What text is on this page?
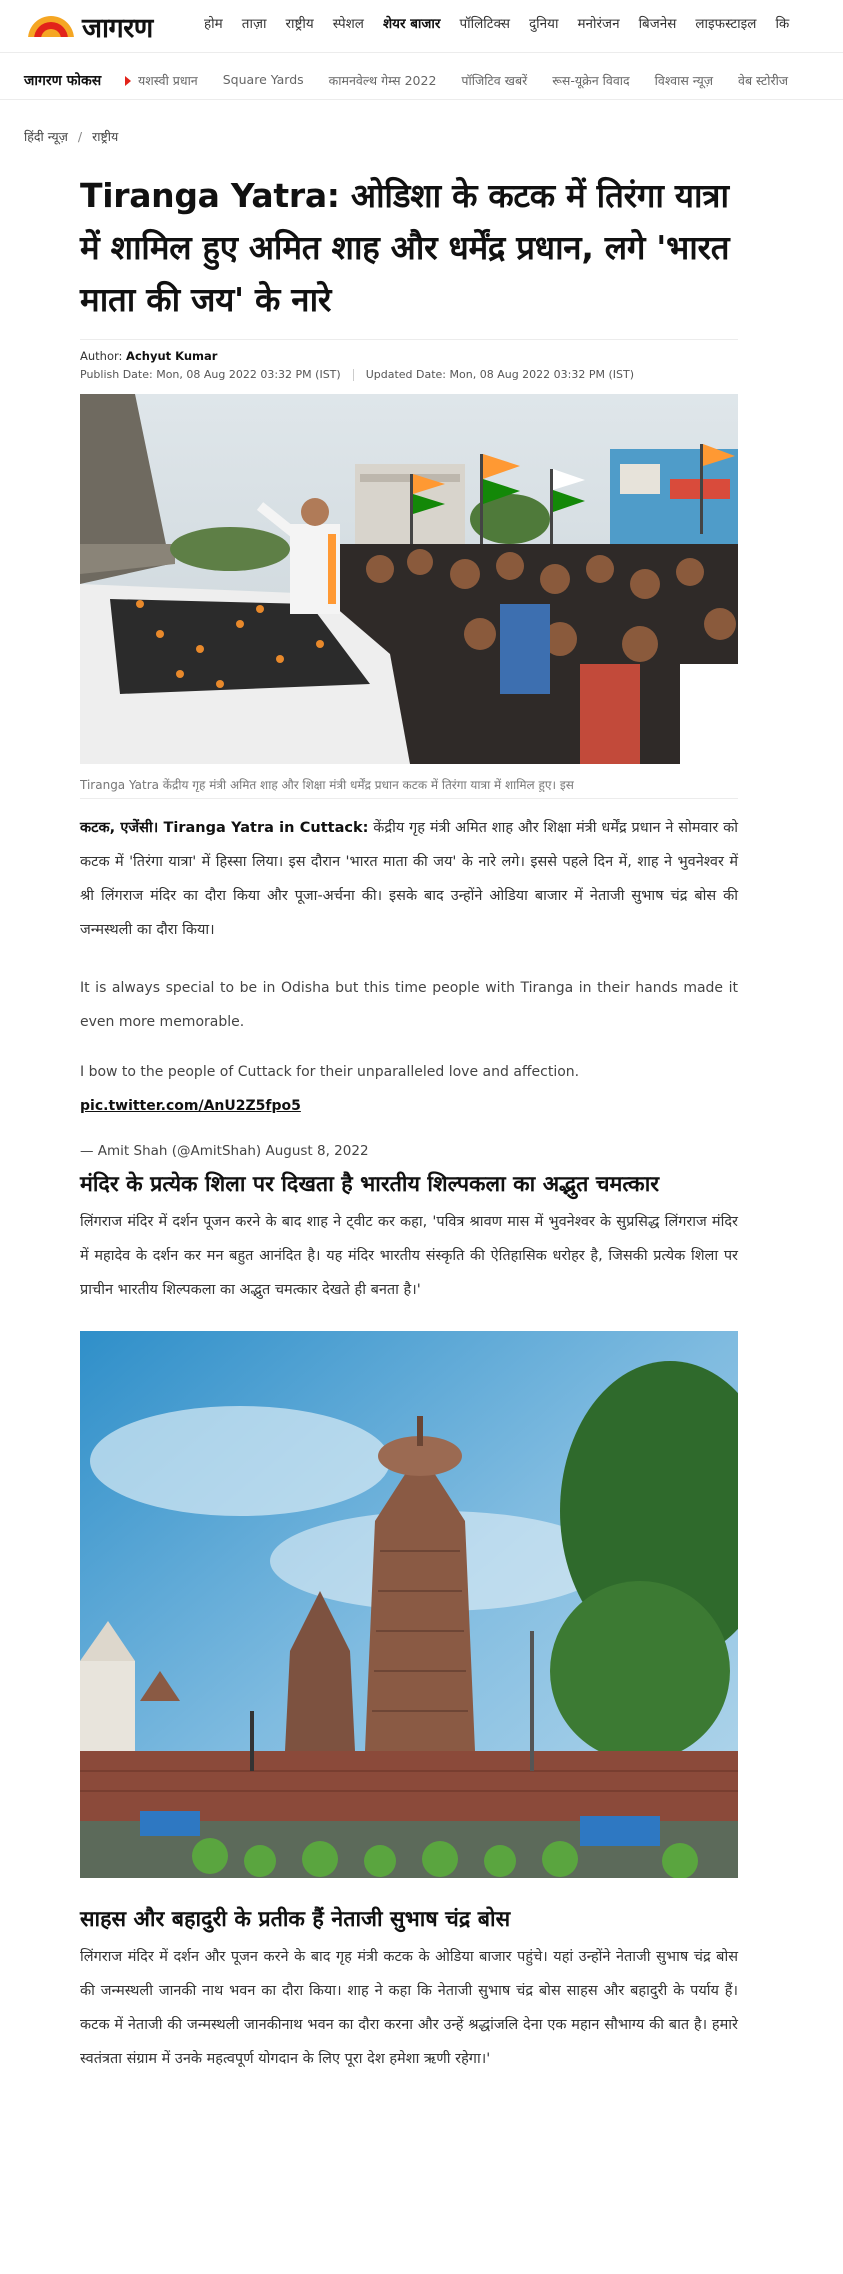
जागरण	होम ताज़ा राष्ट्रीय स्पेशल शेयर बाजार पॉलिटिक्स दुनिया मनोरंजन बिजनेस लाइफस्टाइल कि
जागरण फोकस	यशस्वी प्रधान Square Yards कामनवेल्थ गेम्स 2022 पॉजिटिव खबरें रूस-यूक्रेन विवाद विश्वास न्यूज़ वेब स्टोरीज
हिंदी न्यूज़ / राष्ट्रीय
Tiranga Yatra: ओडिशा के कटक में तिरंगा यात्रा में शामिल हुए अमित शाह और धर्मेंद्र प्रधान, लगे 'भारत माता की जय' के नारे
Author: Achyut Kumar
Publish Date: Mon, 08 Aug 2022 03:32 PM (IST) Updated Date: Mon, 08 Aug 2022 03:32 PM (IST)
Tiranga Yatra केंद्रीय गृह मंत्री अमित शाह और शिक्षा मंत्री धर्मेंद्र प्रधान कटक में तिरंगा यात्रा में शामिल हुए। इस

कटक, एजेंसी। Tiranga Yatra in Cuttack: केंद्रीय गृह मंत्री अमित शाह और शिक्षा मंत्री धर्मेंद्र प्रधान ने सोमवार को कटक में 'तिरंगा यात्रा' में हिस्सा लिया। इस दौरान 'भारत माता की जय' के नारे लगे। इससे पहले दिन में, शाह ने भुवनेश्वर में श्री लिंगराज मंदिर का दौरा किया और पूजा-अर्चना की। इसके बाद उन्होंने ओडिया बाजार में नेताजी सुभाष चंद्र बोस की जन्मस्थली का दौरा किया।

It is always special to be in Odisha but this time people with Tiranga in their hands made it even more memorable.

I bow to the people of Cuttack for their unparalleled love and affection.
pic.twitter.com/AnU2Z5fpo5

— Amit Shah (@AmitShah) August 8, 2022
मंदिर के प्रत्येक शिला पर दिखता है भारतीय शिल्पकला का अद्भुत चमत्कार

लिंगराज मंदिर में दर्शन पूजन करने के बाद शाह ने ट्वीट कर कहा, 'पवित्र श्रावण मास में भुवनेश्वर के सुप्रसिद्ध लिंगराज मंदिर में महादेव के दर्शन कर मन बहुत आनंदित है। यह मंदिर भारतीय संस्कृति की ऐतिहासिक धरोहर है, जिसकी प्रत्येक शिला पर प्राचीन भारतीय शिल्पकला का अद्भुत चमत्कार देखते ही बनता है।'

साहस और बहादुरी के प्रतीक हैं नेताजी सुभाष चंद्र बोस

लिंगराज मंदिर में दर्शन और पूजन करने के बाद गृह मंत्री कटक के ओडिया बाजार पहुंचे। यहां उन्होंने नेताजी सुभाष चंद्र बोस की जन्मस्थली जानकी नाथ भवन का दौरा किया। शाह ने कहा कि नेताजी सुभाष चंद्र बोस साहस और बहादुरी के पर्याय हैं। कटक में नेताजी की जन्मस्थली जानकीनाथ भवन का दौरा करना और उन्हें श्रद्धांजलि देना एक महान सौभाग्य की बात है। हमारे स्वतंत्रता संग्राम में उनके महत्वपूर्ण योगदान के लिए पूरा देश हमेशा ऋणी रहेगा।'
